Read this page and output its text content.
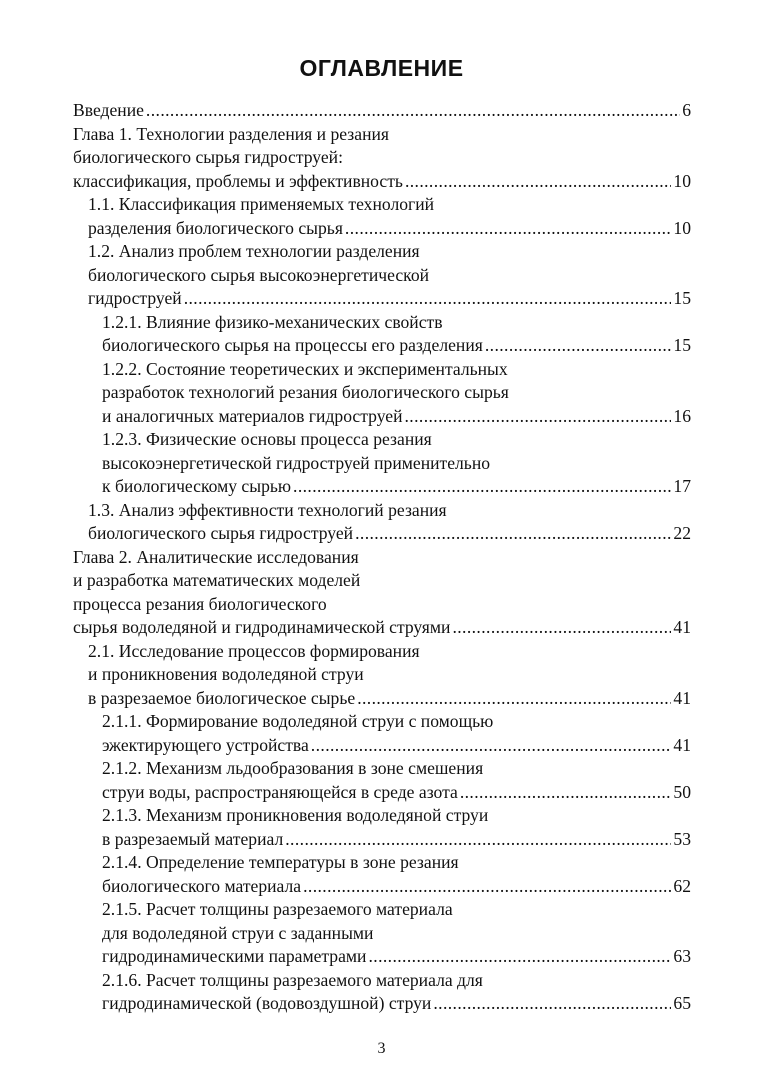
ОГЛАВЛЕНИЕ
Введение .....	6
Глава 1. Технологии разделения и резания
биологического сырья гидроструей:
классификация, проблемы и эффективность .....	10
1.1. Классификация применяемых технологий
разделения биологического сырья .....	10
1.2. Анализ проблем технологии разделения
биологического сырья высокоэнергетической
гидроструей .....	15
1.2.1. Влияние физико-механических свойств
биологического сырья на процессы его разделения .....	15
1.2.2. Состояние теоретических и экспериментальных
разработок технологий резания биологического сырья
и аналогичных материалов гидроструей .....	16
1.2.3. Физические основы процесса резания
высокоэнергетической гидроструей применительно
к биологическому сырью .....	17
1.3. Анализ эффективности технологий резания
биологического сырья гидроструей .....	22
Глава 2. Аналитические исследования
и разработка математических моделей
процесса резания биологического
сырья водоледяной и гидродинамической струями .....	41
2.1. Исследование процессов формирования
и проникновения водоледяной струи
в разрезаемое биологическое сырье .....	41
2.1.1. Формирование водоледяной струи с помощью
эжектирующего устройства .....	41
2.1.2. Механизм льдообразования в зоне смешения
струи воды, распространяющейся в среде азота .....	50
2.1.3. Механизм проникновения водоледяной струи
в разрезаемый материал .....	53
2.1.4. Определение температуры в зоне резания
биологического материала .....	62
2.1.5. Расчет толщины разрезаемого материала
для водоледяной струи с заданными
гидродинамическими параметрами .....	63
2.1.6. Расчет толщины разрезаемого материала для
гидродинамической (водовоздушной) струи .....	65
3
